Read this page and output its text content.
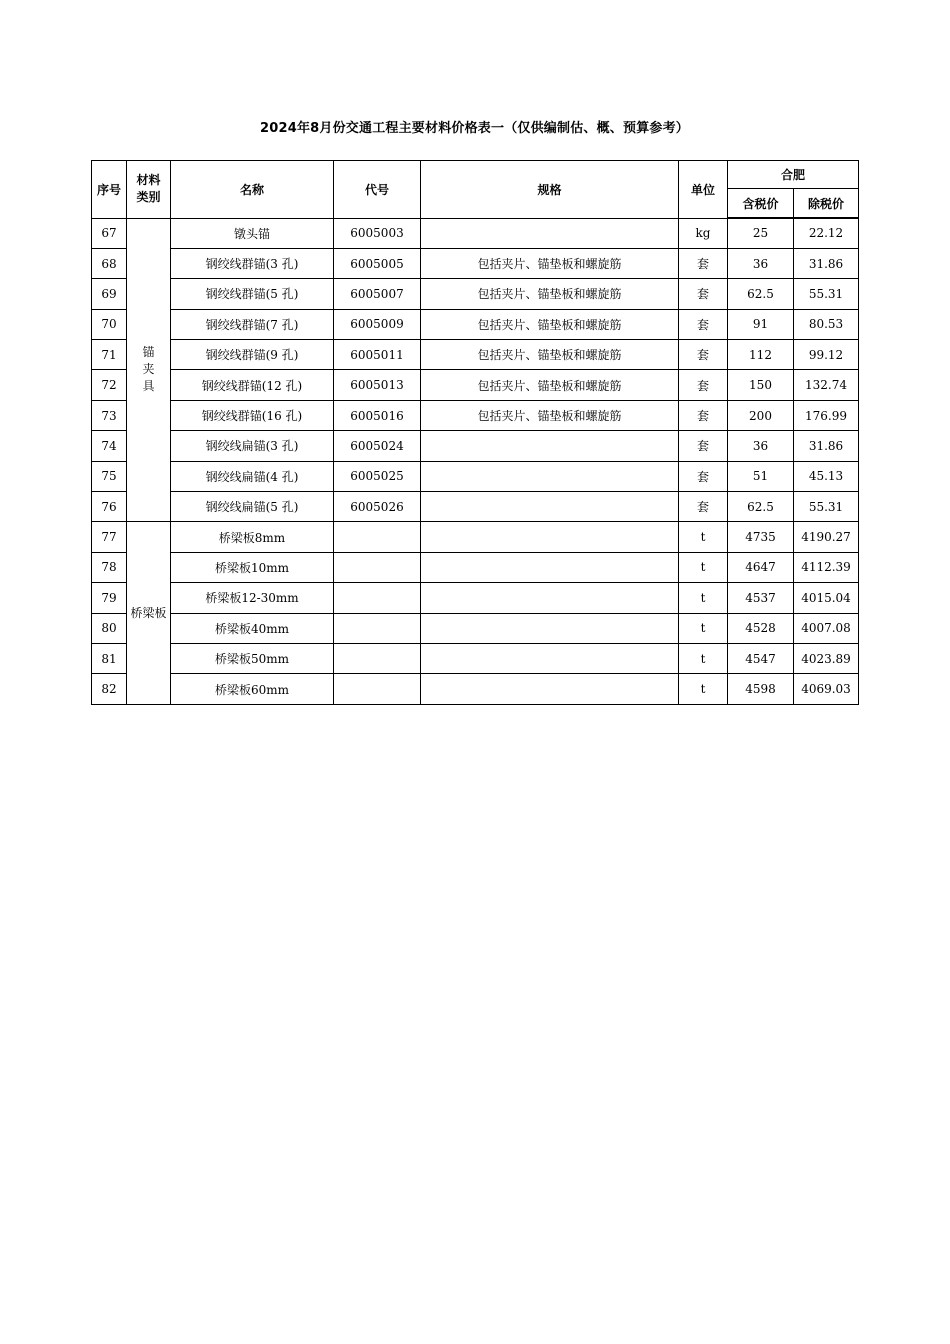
2024年8月份交通工程主要材料价格表一（仅供编制估、概、预算参考）
序号	材料类别	名称	代号	规格	单位	合肥	
						含税价	除税价
67	锚夹具	镦头锚	6005003		kg	25	22.12
68		钢绞线群锚(3 孔)	6005005	包括夹片、锚垫板和螺旋筋	套	36	31.86
69		钢绞线群锚(5 孔)	6005007	包括夹片、锚垫板和螺旋筋	套	62.5	55.31
70		钢绞线群锚(7 孔)	6005009	包括夹片、锚垫板和螺旋筋	套	91	80.53
71		钢绞线群锚(9 孔)	6005011	包括夹片、锚垫板和螺旋筋	套	112	99.12
72		钢绞线群锚(12 孔)	6005013	包括夹片、锚垫板和螺旋筋	套	150	132.74
73		钢绞线群锚(16 孔)	6005016	包括夹片、锚垫板和螺旋筋	套	200	176.99
74		钢绞线扁锚(3 孔)	6005024		套	36	31.86
75		钢绞线扁锚(4 孔)	6005025		套	51	45.13
76		钢绞线扁锚(5 孔)	6005026		套	62.5	55.31
77	桥梁板	桥梁板8mm			t	4735	4190.27
78		桥梁板10mm			t	4647	4112.39
79		桥梁板12-30mm			t	4537	4015.04
80		桥梁板40mm			t	4528	4007.08
81		桥梁板50mm			t	4547	4023.89
82		桥梁板60mm			t	4598	4069.03
